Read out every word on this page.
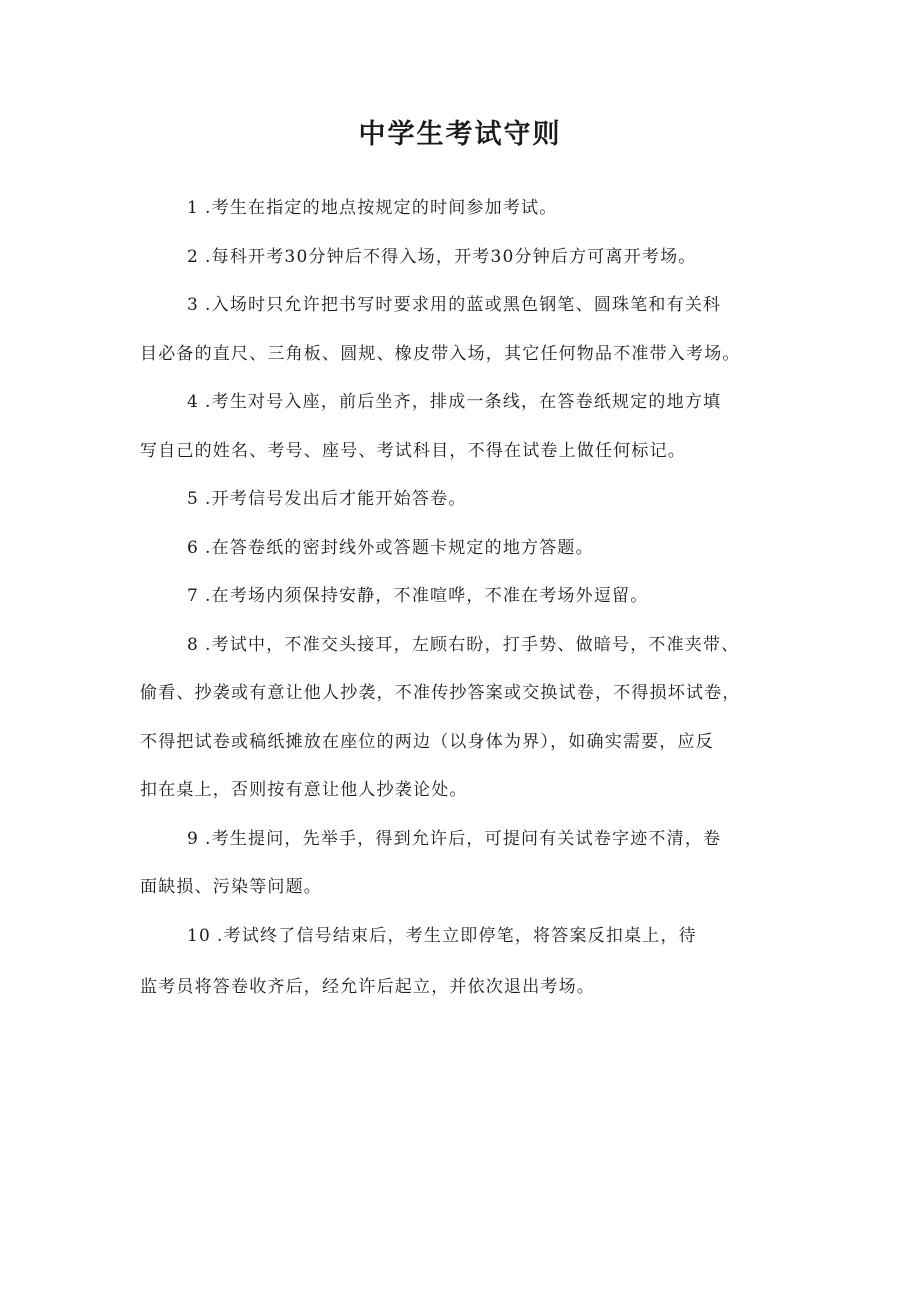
中学生考试守则
1 .考生在指定的地点按规定的时间参加考试。
2 .每科开考30分钟后不得入场，开考30分钟后方可离开考场。
3 .入场时只允许把书写时要求用的蓝或黑色钢笔、圆珠笔和有关科
目必备的直尺、三角板、圆规、橡皮带入场，其它任何物品不准带入考场。
4 .考生对号入座，前后坐齐，排成一条线，在答卷纸规定的地方填
写自己的姓名、考号、座号、考试科目，不得在试卷上做任何标记。
5 .开考信号发出后才能开始答卷。
6 .在答卷纸的密封线外或答题卡规定的地方答题。
7 .在考场内须保持安静，不准喧哗，不准在考场外逗留。
8 .考试中，不准交头接耳，左顾右盼，打手势、做暗号，不准夹带、
偷看、抄袭或有意让他人抄袭，不准传抄答案或交换试卷，不得损坏试卷，
不得把试卷或稿纸摊放在座位的两边（以身体为界），如确实需要，应反
扣在桌上，否则按有意让他人抄袭论处。
9 .考生提问，先举手，得到允许后，可提问有关试卷字迹不清，卷
面缺损、污染等问题。
10 .考试终了信号结束后，考生立即停笔，将答案反扣桌上，待
监考员将答卷收齐后，经允许后起立，并依次退出考场。
